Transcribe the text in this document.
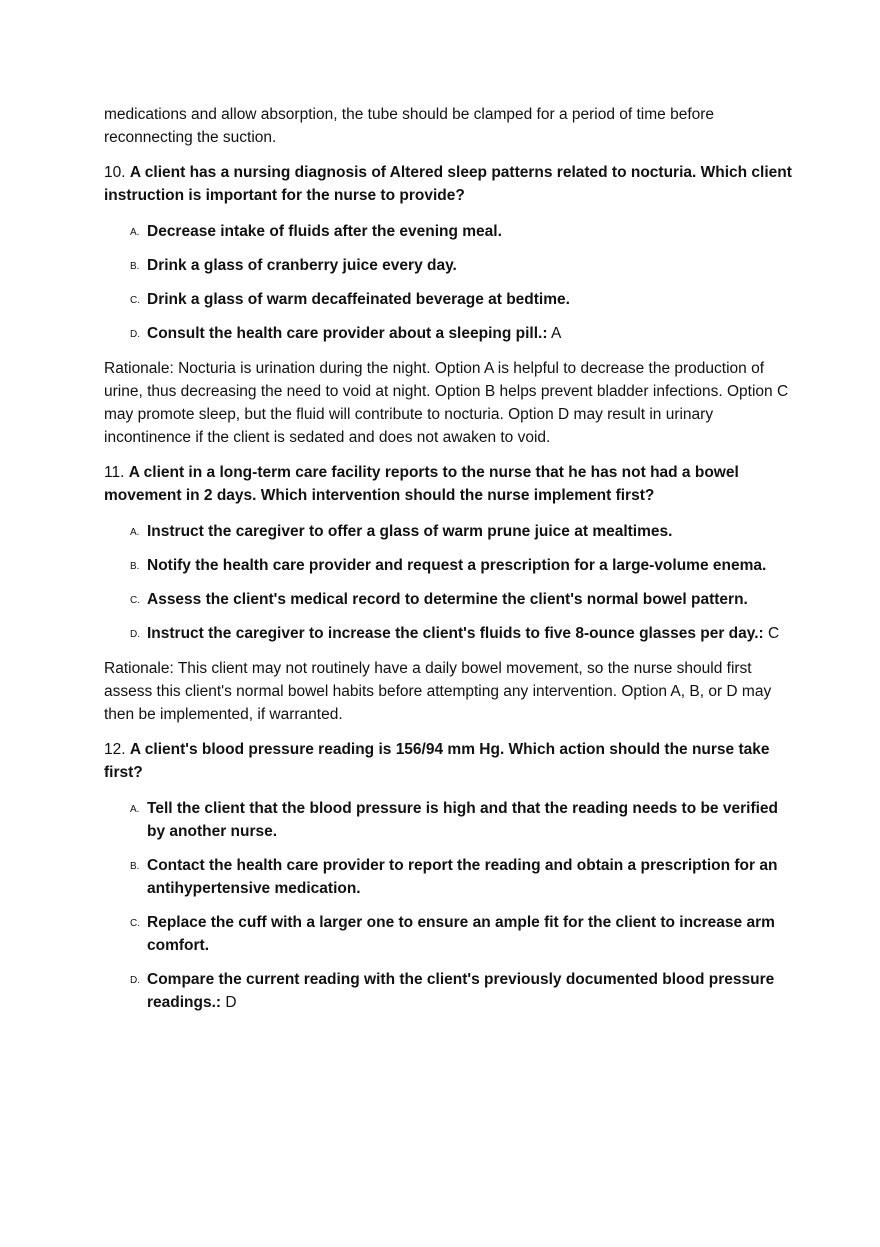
medications and allow absorption, the tube should be clamped for a period of time before reconnecting the suction.

10. A client has a nursing diagnosis of Altered sleep patterns related to nocturia. Which client instruction is important for the nurse to provide?

A. Decrease intake of fluids after the evening meal.
B. Drink a glass of cranberry juice every day.
C. Drink a glass of warm decaffeinated beverage at bedtime.
D. Consult the health care provider about a sleeping pill.: A

Rationale: Nocturia is urination during the night. Option A is helpful to decrease the production of urine, thus decreasing the need to void at night. Option B helps prevent bladder infections. Option C may promote sleep, but the fluid will contribute to nocturia. Option D may result in urinary incontinence if the client is sedated and does not awaken to void.

11. A client in a long-term care facility reports to the nurse that he has not had a bowel movement in 2 days. Which intervention should the nurse implement first?

A. Instruct the caregiver to offer a glass of warm prune juice at mealtimes.
B. Notify the health care provider and request a prescription for a large-volume enema.
C. Assess the client's medical record to determine the client's normal bowel pattern.
D. Instruct the caregiver to increase the client's fluids to five 8-ounce glasses per day.: C

Rationale: This client may not routinely have a daily bowel movement, so the nurse should first assess this client's normal bowel habits before attempting any intervention. Option A, B, or D may then be implemented, if warranted.

12. A client's blood pressure reading is 156/94 mm Hg. Which action should the nurse take first?

A. Tell the client that the blood pressure is high and that the reading needs to be verified by another nurse.
B. Contact the health care provider to report the reading and obtain a prescription for an antihypertensive medication.
C. Replace the cuff with a larger one to ensure an ample fit for the client to increase arm comfort.
D. Compare the current reading with the client's previously documented blood pressure readings.: D
